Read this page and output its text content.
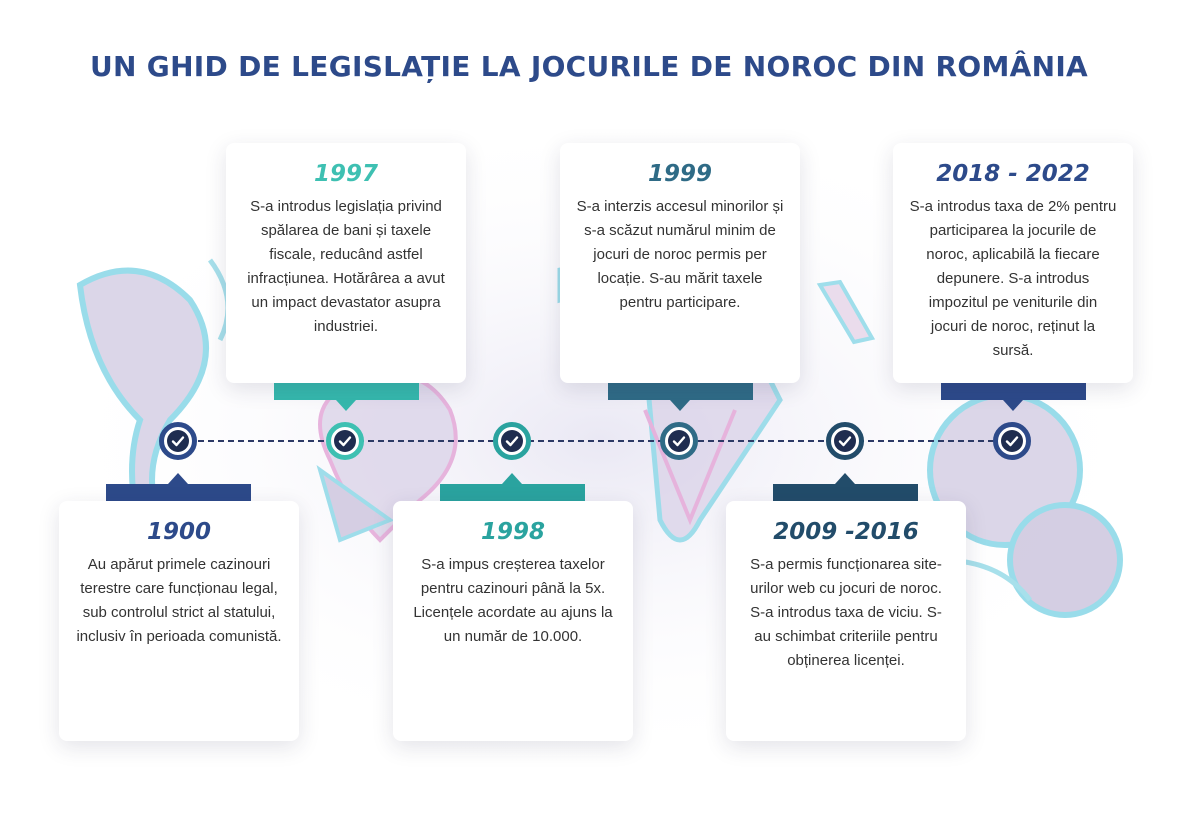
UN GHID DE LEGISLAȚIE LA JOCURILE DE NOROC DIN ROMÂNIA
1900

Au apărut primele cazinouri terestre care funcționau legal, sub controlul strict al statului, inclusiv în perioada comunistă.

1997

S-a introdus legislația privind spălarea de bani și taxele fiscale, reducând astfel infracțiunea. Hotărârea a avut un impact devastator asupra industriei.

1998

S-a impus creșterea taxelor pentru cazinouri până la 5x. Licențele acordate au ajuns la un număr de 10.000.

1999

S-a interzis accesul minorilor și s-a scăzut numărul minim de jocuri de noroc permis per locație. S-au mărit taxele pentru participare.

2009 -2016

S-a permis funcționarea site-urilor web cu jocuri de noroc. S-a introdus taxa de viciu. S-au schimbat criteriile pentru obținerea licenței.

2018 - 2022

S-a introdus taxa de 2% pentru participarea la jocurile de noroc, aplicabilă la fiecare depunere. S-a introdus impozitul pe veniturile din jocuri de noroc, reținut la sursă.
